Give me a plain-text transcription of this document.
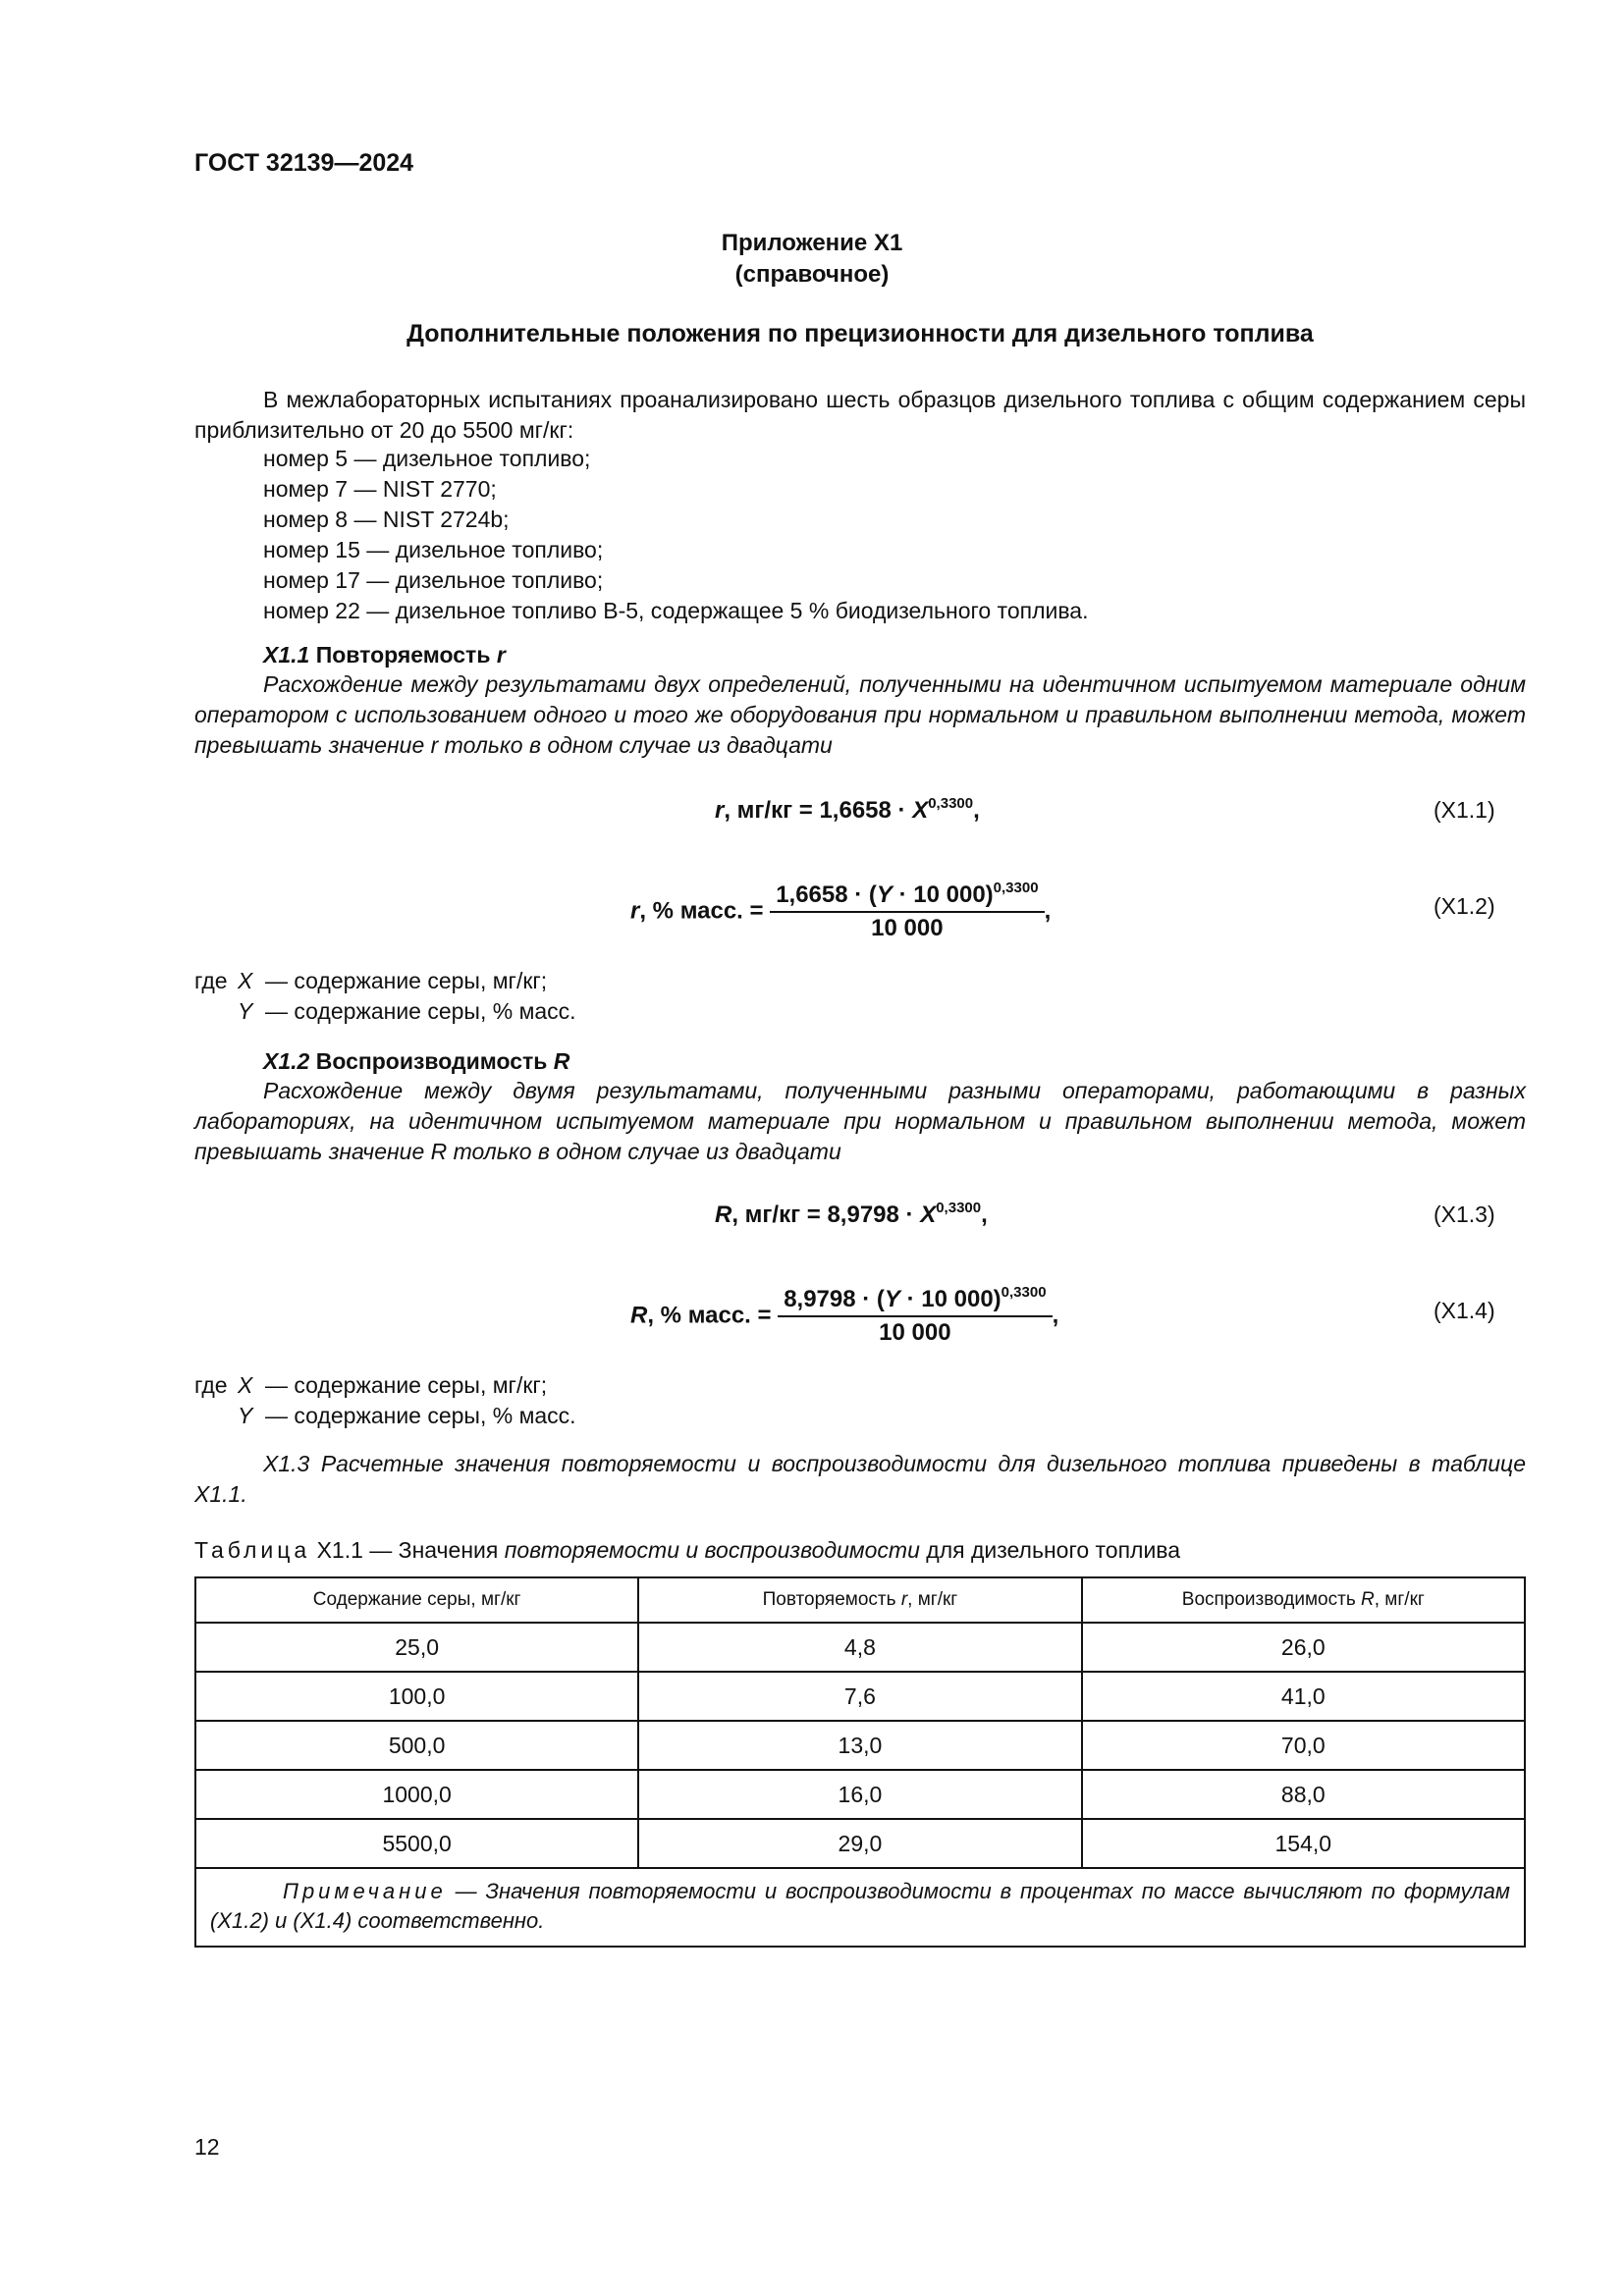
ГОСТ 32139—2024
Приложение Х1
(справочное)
Дополнительные положения по прецизионности для дизельного топлива
В межлабораторных испытаниях проанализировано шесть образцов дизельного топлива с общим содержанием серы приблизительно от 20 до 5500 мг/кг:
номер 5 — дизельное топливо;
номер 7 — NIST 2770;
номер 8 — NIST 2724b;
номер 15 — дизельное топливо;
номер 17 — дизельное топливо;
номер 22 — дизельное топливо В-5, содержащее 5 % биодизельного топлива.
Х1.1 Повторяемость r
Расхождение между результатами двух определений, полученными на идентичном испытуемом материале одним оператором с использованием одного и того же оборудования при нормальном и правильном выполнении метода, может превышать значение r только в одном случае из двадцати
r, $мг/кг = 1,6658 \cdot X^{0,3300}$,	(Х1.1)
r, % масс. = $\frac{1,6658 \cdot (Y \cdot 10 000)^{0,3300}}{10 000}$ ,	(Х1.2)
где X — содержание серы, мг/кг;
Y — содержание серы, % масс.
Х1.2 Воспроизводимость R
Расхождение между двумя результатами, полученными разными операторами, работающими в разных лабораториях, на идентичном испытуемом материале при нормальном и правильном выполнении метода, может превышать значение R только в одном случае из двадцати
R, $мг/кг = 8,9798 \cdot X^{0,3300}$,	(Х1.3)
R, % масс. = $\frac{8,9798 \cdot (Y \cdot 10 000)^{0,3300}}{10 000}$ ,	(Х1.4)
где X — содержание серы, мг/кг;
Y — содержание серы, % масс.
Х1.3 Расчетные значения повторяемости и воспроизводимости для дизельного топлива приведены в таблице Х1.1.
Таблица Х1.1 — Значения повторяемости и воспроизводимости для дизельного топлива
Содержание серы, мг/кг	Повторяемость r, мг/кг	Воспроизводимость R, мг/кг
25,0	4,8	26,0
100,0	7,6	41,0
500,0	13,0	70,0
1000,0	16,0	88,0
5500,0	29,0	154,0
Примечание — Значения повторяемости и воспроизводимости в процентах по массе вычисляют по формулам (Х1.2) и (Х1.4) соответственно.		
12
